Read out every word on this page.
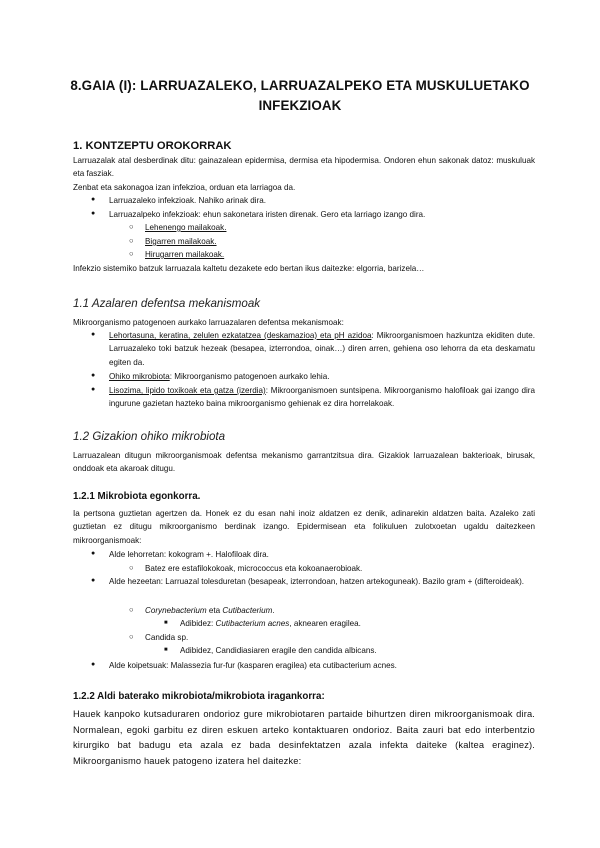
8.GAIA (I): LARRUAZALEKO, LARRUAZALPEKO ETA MUSKULUETAKO
INFEKZIOAK
1. KONTZEPTU OROKORRAK
Larruazalak atal desberdinak ditu: gainazalean epidermisa, dermisa eta hipodermisa. Ondoren ehun sakonak datoz: muskuluak eta fasziak.
Zenbat eta sakonagoa izan infekzioa, orduan eta larriagoa da.
● Larruazaleko infekzioak. Nahiko arinak dira.
● Larruazalpeko infekzioak: ehun sakonetara iristen direnak. Gero eta larriago izango dira.
○ Lehenengo mailakoak.
○ Bigarren mailakoak.
○ Hirugarren mailakoak.
Infekzio sistemiko batzuk larruazala kaltetu dezakete edo bertan ikus daitezke: elgorria, barizela…
1.1 Azalaren defentsa mekanismoak
Mikroorganismo patogenoen aurkako larruazalaren defentsa mekanismoak:
● Lehortasuna, keratina, zelulen ezkatatzea (deskamazioa) eta pH azidoa: Mikroorganismoen hazkuntza ekiditen dute. Larruazaleko toki batzuk hezeak (besapea, izterrondoa, oinak…) diren arren, gehiena oso lehorra da eta deskamatu egiten da.
● Ohiko mikrobiota: Mikroorganismo patogenoen aurkako lehia.
● Lisozima, lipido toxikoak eta gatza (izerdia): Mikroorganismoen suntsipena. Mikroorganismo halofiloak gai izango dira ingurune gazietan hazteko baina mikroorganismo gehienak ez dira horrelakoak.
1.2 Gizakion ohiko mikrobiota
Larruazalean ditugun mikroorganismoak defentsa mekanismo garrantzitsua dira. Gizakiok larruazalean bakterioak, birusak, onddoak eta akaroak ditugu.
1.2.1 Mikrobiota egonkorra.
Ia pertsona guztietan agertzen da. Honek ez du esan nahi inoiz aldatzen ez denik, adinarekin aldatzen baita. Azaleko zati guztietan ez ditugu mikroorganismo berdinak izango. Epidermisean eta folikuluen zulotxoetan ugaldu daitezkeen mikroorganismoak:
● Alde lehorretan: kokogram +. Halofiloak dira.
○ Batez ere estafilokokoak, micrococcus eta kokoanaerobioak.
● Alde hezeetan: Larruazal tolesduretan (besapeak, izterrondoan, hatzen artekoguneak). Bazilo gram + (difteroideak).
○ Corynebacterium eta Cutibacterium.
■ Adibidez: Cutibacterium acnes, aknearen eragilea.
○ Candida sp.
■ Adibidez, Candidiasiaren eragile den candida albicans.
● Alde koipetsuak: Malassezia fur-fur (kasparen eragilea) eta cutibacterium acnes.
1.2.2 Aldi baterako mikrobiota/mikrobiota iragankorra:
Hauek kanpoko kutsaduraren ondorioz gure mikrobiotaren partaide bihurtzen diren mikroorganismoak dira. Normalean, egoki garbitu ez diren eskuen arteko kontaktuaren ondorioz. Baita zauri bat edo interbentzio kirurgiko bat badugu eta azala ez bada desinfektatzen azala infekta daiteke (kaltea eraginez). Mikroorganismo hauek patogeno izatera hel daitezke:
